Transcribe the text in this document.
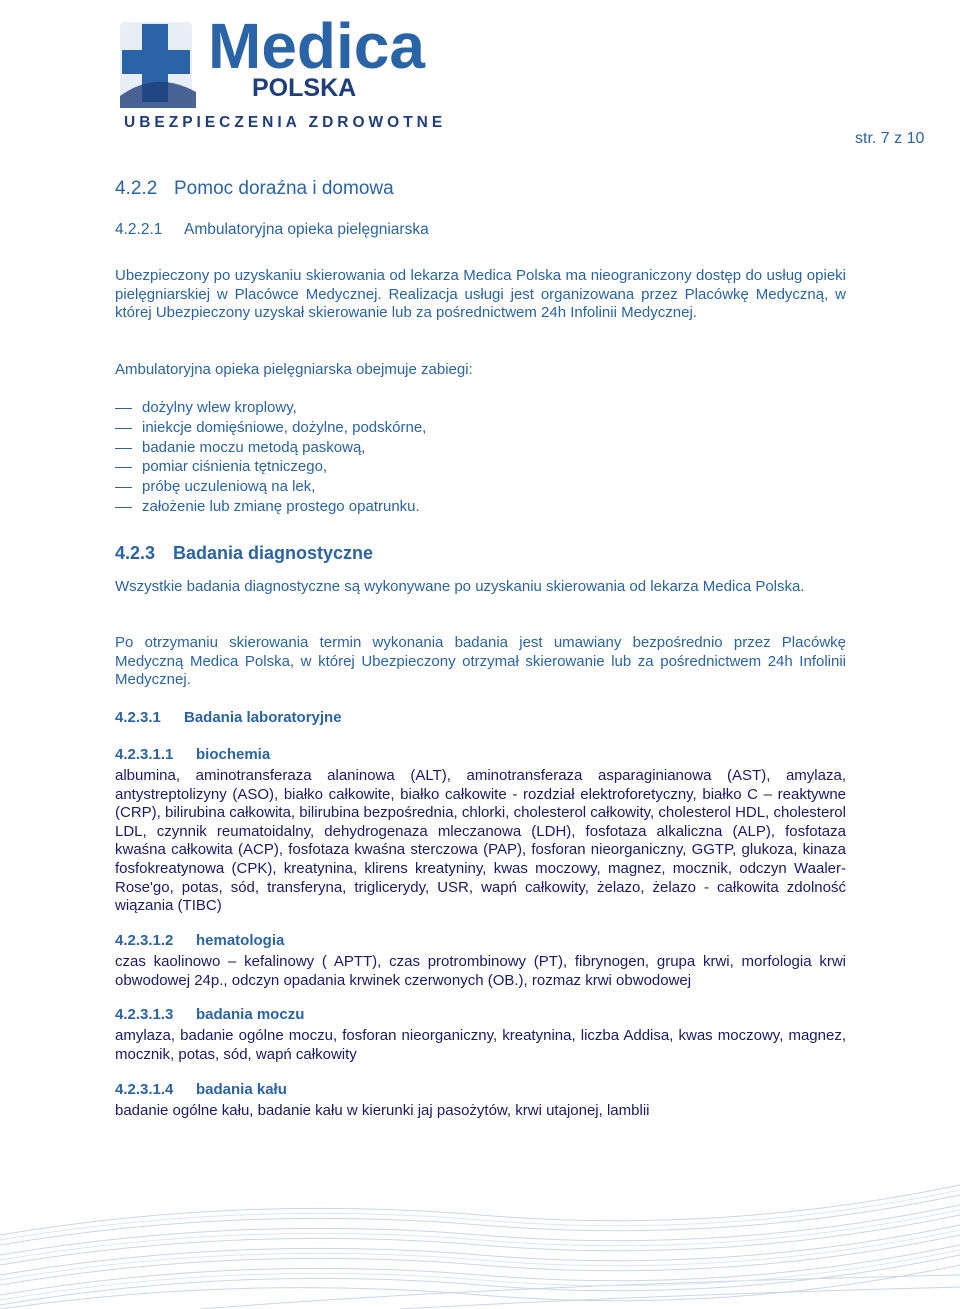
Medica
POLSKA
UBEZPIECZENIA ZDROWOTNE
str. 7 z 10
4.2.2 Pomoc doraźna i domowa
4.2.2.1 Ambulatoryjna opieka pielęgniarska
Ubezpieczony po uzyskaniu skierowania od lekarza Medica Polska ma nieograniczony dostęp do usług opieki pielęgniarskiej w Placówce Medycznej. Realizacja usługi jest organizowana przez Placówkę Medyczną, w której Ubezpieczony uzyskał skierowanie lub za pośrednictwem 24h Infolinii Medycznej.
Ambulatoryjna opieka pielęgniarska obejmuje zabiegi:
dożylny wlew kroplowy,
iniekcje domięśniowe, dożylne, podskórne,
badanie moczu metodą paskową,
pomiar ciśnienia tętniczego,
próbę uczuleniową na lek,
założenie lub zmianę prostego opatrunku.
4.2.3 Badania diagnostyczne
Wszystkie badania diagnostyczne są wykonywane po uzyskaniu skierowania od lekarza Medica Polska.
Po otrzymaniu skierowania termin wykonania badania jest umawiany bezpośrednio przez Placówkę Medyczną Medica Polska, w której Ubezpieczony otrzymał skierowanie lub za pośrednictwem 24h Infolinii Medycznej.
4.2.3.1 Badania laboratoryjne
4.2.3.1.1 biochemia
albumina, aminotransferaza alaninowa (ALT), aminotransferaza asparaginianowa (AST), amylaza, antystreptolizyny (ASO), białko całkowite, białko całkowite - rozdział elektroforetyczny, białko C – reaktywne (CRP), bilirubina całkowita, bilirubina bezpośrednia, chlorki, cholesterol całkowity, cholesterol HDL, cholesterol LDL, czynnik reumatoidalny, dehydrogenaza mleczanowa (LDH), fosfotaza alkaliczna (ALP), fosfotaza kwaśna całkowita (ACP), fosfotaza kwaśna sterczowa (PAP), fosforan nieorganiczny, GGTP, glukoza, kinaza fosfokreatynowa (CPK), kreatynina, klirens kreatyniny, kwas moczowy, magnez, mocznik, odczyn Waaler-Rose'go, potas, sód, transferyna, triglicerydy, USR, wapń całkowity, żelazo, żelazo - całkowita zdolność wiązania (TIBC)
4.2.3.1.2 hematologia
czas kaolinowo – kefalinowy ( APTT), czas protrombinowy (PT), fibrynogen, grupa krwi, morfologia krwi obwodowej 24p., odczyn opadania krwinek czerwonych (OB.), rozmaz krwi obwodowej
4.2.3.1.3 badania moczu
amylaza, badanie ogólne moczu, fosforan nieorganiczny, kreatynina, liczba Addisa, kwas moczowy, magnez, mocznik, potas, sód, wapń całkowity
4.2.3.1.4 badania kału
badanie ogólne kału, badanie kału w kierunki jaj pasożytów, krwi utajonej, lamblii
